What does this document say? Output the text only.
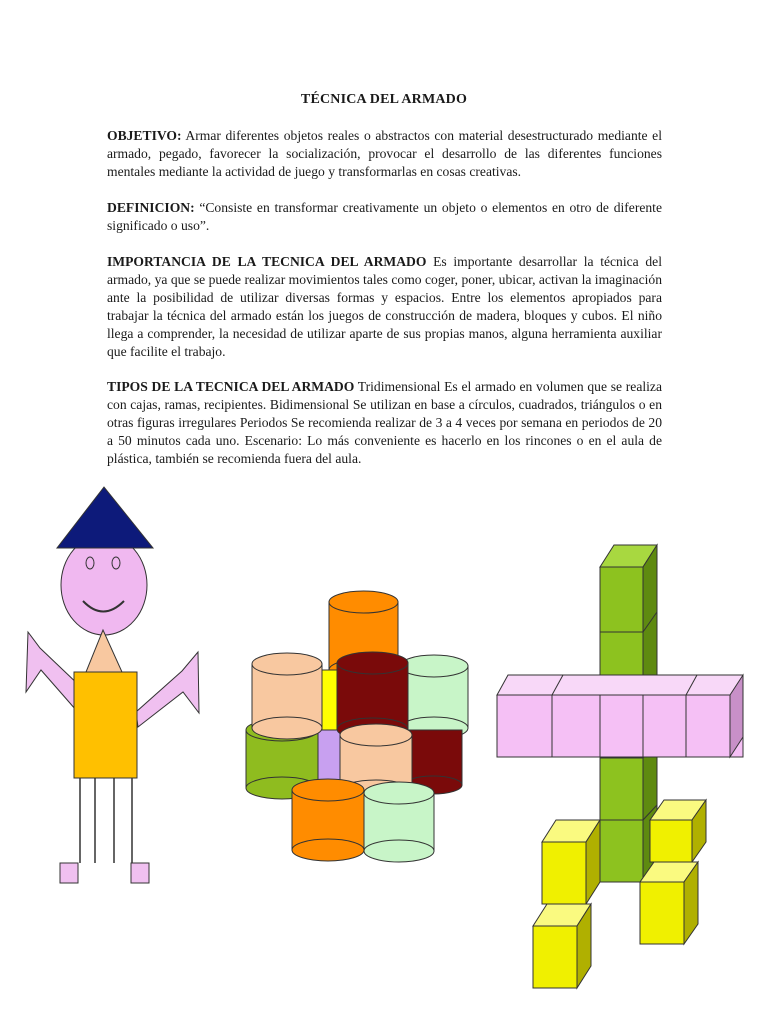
TÉCNICA DEL ARMADO
OBJETIVO: Armar diferentes objetos reales o abstractos con material desestructurado mediante el armado, pegado, favorecer la socialización, provocar el desarrollo de las diferentes funciones mentales mediante la actividad de juego y transformarlas en cosas creativas.
DEFINICION: “Consiste en transformar creativamente un objeto o elementos en otro de diferente significado o uso”.
IMPORTANCIA DE LA TECNICA DEL ARMADO Es importante desarrollar la técnica del armado, ya que se puede realizar movimientos tales como coger, poner, ubicar, activan la imaginación ante la posibilidad de utilizar diversas formas y espacios. Entre los elementos apropiados para trabajar la técnica del armado están los juegos de construcción de madera, bloques y cubos. El niño llega a comprender, la necesidad de utilizar aparte de sus propias manos, alguna herramienta auxiliar que facilite el trabajo.
TIPOS DE LA TECNICA DEL ARMADO Tridimensional Es el armado en volumen que se realiza con cajas, ramas, recipientes. Bidimensional Se utilizan en base a círculos, cuadrados, triángulos o en otras figuras irregulares Periodos Se recomienda realizar de 3 a 4 veces por semana en periodos de 20 a 50 minutos cada uno. Escenario: Lo más conveniente es hacerlo en los rincones o en el aula de plástica, también se recomienda fuera del aula.
